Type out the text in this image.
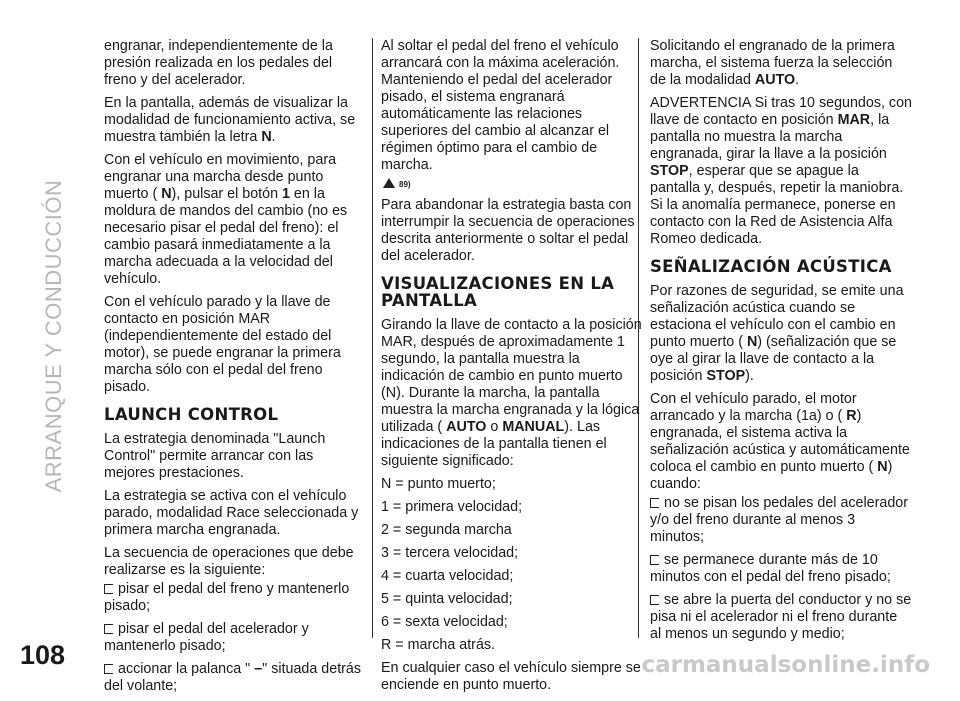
ARRANQUE Y CONDUCCIÓN
108

engranar, independientemente de la presión realizada en los pedales del freno y del acelerador.

En la pantalla, además de visualizar la modalidad de funcionamiento activa, se muestra también la letra N.

Con el vehículo en movimiento, para engranar una marcha desde punto muerto ( N), pulsar el botón 1 en la moldura de mandos del cambio (no es necesario pisar el pedal del freno): el cambio pasará inmediatamente a la marcha adecuada a la velocidad del vehículo.

Con el vehículo parado y la llave de contacto en posición MAR (independientemente del estado del motor), se puede engranar la primera marcha sólo con el pedal del freno pisado.

LAUNCH CONTROL

La estrategia denominada "Launch Control" permite arrancar con las mejores prestaciones.

La estrategia se activa con el vehículo parado, modalidad Race seleccionada y primera marcha engranada.

La secuencia de operaciones que debe realizarse es la siguiente:

pisar el pedal del freno y mantenerlo pisado;
pisar el pedal del acelerador y mantenerlo pisado;
accionar la palanca " –" situada detrás del volante;

Al soltar el pedal del freno el vehículo arrancará con la máxima aceleración. Manteniendo el pedal del acelerador pisado, el sistema engranará automáticamente las relaciones superiores del cambio al alcanzar el régimen óptimo para el cambio de marcha.

89)

Para abandonar la estrategia basta con interrumpir la secuencia de operaciones descrita anteriormente o soltar el pedal del acelerador.

VISUALIZACIONES EN LA PANTALLA

Girando la llave de contacto a la posición MAR, después de aproximadamente 1 segundo, la pantalla muestra la indicación de cambio en punto muerto (N). Durante la marcha, la pantalla muestra la marcha engranada y la lógica utilizada ( AUTO o MANUAL). Las indicaciones de la pantalla tienen el siguiente significado:

N = punto muerto;
1 = primera velocidad;
2 = segunda marcha
3 = tercera velocidad;
4 = cuarta velocidad;
5 = quinta velocidad;
6 = sexta velocidad;
R = marcha atrás.

En cualquier caso el vehículo siempre se enciende en punto muerto.

Solicitando el engranado de la primera marcha, el sistema fuerza la selección de la modalidad AUTO.

ADVERTENCIA Si tras 10 segundos, con llave de contacto en posición MAR, la pantalla no muestra la marcha engranada, girar la llave a la posición STOP, esperar que se apague la pantalla y, después, repetir la maniobra. Si la anomalía permanece, ponerse en contacto con la Red de Asistencia Alfa Romeo dedicada.

SEÑALIZACIÓN ACÚSTICA

Por razones de seguridad, se emite una señalización acústica cuando se estaciona el vehículo con el cambio en punto muerto ( N) (señalización que se oye al girar la llave de contacto a la posición STOP).

Con el vehículo parado, el motor arrancado y la marcha (1a) o ( R) engranada, el sistema activa la señalización acústica y automáticamente coloca el cambio en punto muerto ( N) cuando:

no se pisan los pedales del acelerador y/o del freno durante al menos 3 minutos;
se permanece durante más de 10 minutos con el pedal del freno pisado;
se abre la puerta del conductor y no se pisa ni el acelerador ni el freno durante al menos un segundo y medio;
carmanualsonline.info
